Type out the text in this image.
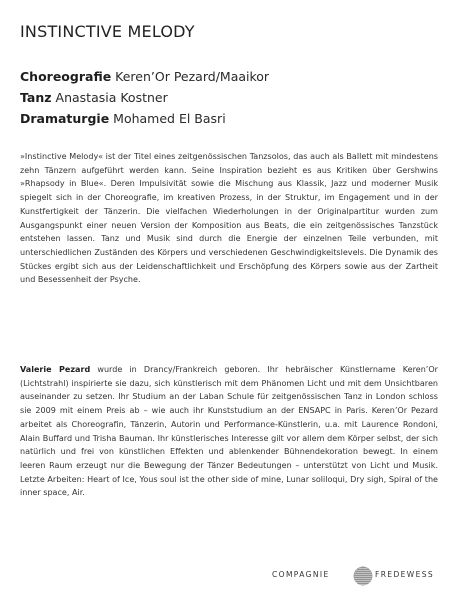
INSTINCTIVE MELODY
Choreografie Keren’Or Pezard/Maaikor
Tanz Anastasia Kostner
Dramaturgie Mohamed El Basri

»Instinctive Melody« ist der Titel eines zeitgenössischen Tanzsolos, das auch als Ballett mit mindestens zehn Tänzern aufgeführt werden kann. Seine Inspiration bezieht es aus Kritiken über Gershwins »Rhapsody in Blue«. Deren Impulsivität sowie die Mischung aus Klassik, Jazz und moderner Musik spiegelt sich in der Choreografie, im kreativen Prozess, in der Struktur, im Engagement und in der Kunstfertigkeit der Tänzerin. Die vielfachen Wiederholungen in der Originalpartitur wurden zum Ausgangspunkt einer neuen Version der Komposition aus Beats, die ein zeitgenössisches Tanzstück entstehen lassen. Tanz und Musik sind durch die Energie der einzelnen Teile verbunden, mit unterschiedlichen Zuständen des Körpers und verschiedenen Geschwindigkeitslevels. Die Dynamik des Stückes ergibt sich aus der Leidenschaftlichkeit und Erschöpfung des Körpers sowie aus der Zartheit und Besessenheit der Psyche.

Valerie Pezard wurde in Drancy/Frankreich geboren. Ihr hebräischer Künstlername Keren’Or (Lichtstrahl) inspirierte sie dazu, sich künstlerisch mit dem Phänomen Licht und mit dem Unsichtbaren auseinander zu setzen. Ihr Studium an der Laban Schule für zeitgenössischen Tanz in London schloss sie 2009 mit einem Preis ab – wie auch ihr Kunststudium an der ENSAPC in Paris. Keren’Or Pezard arbeitet als Choreografin, Tänzerin, Autorin und Performance-Künstlerin, u.a. mit Laurence Rondoni, Alain Buffard und Trisha Bauman. Ihr künstlerisches Interesse gilt vor allem dem Körper selbst, der sich natürlich und frei von künstlichen Effekten und ablenkender Bühnendekoration bewegt. In einem leeren Raum erzeugt nur die Bewegung der Tänzer Bedeutungen – unterstützt von Licht und Musik. Letzte Arbeiten: Heart of Ice, Yous soul ist the other side of mine, Lunar soliloqui, Dry sigh, Spiral of the inner space, Air.

COMPAGNIE	FREDEWESS
